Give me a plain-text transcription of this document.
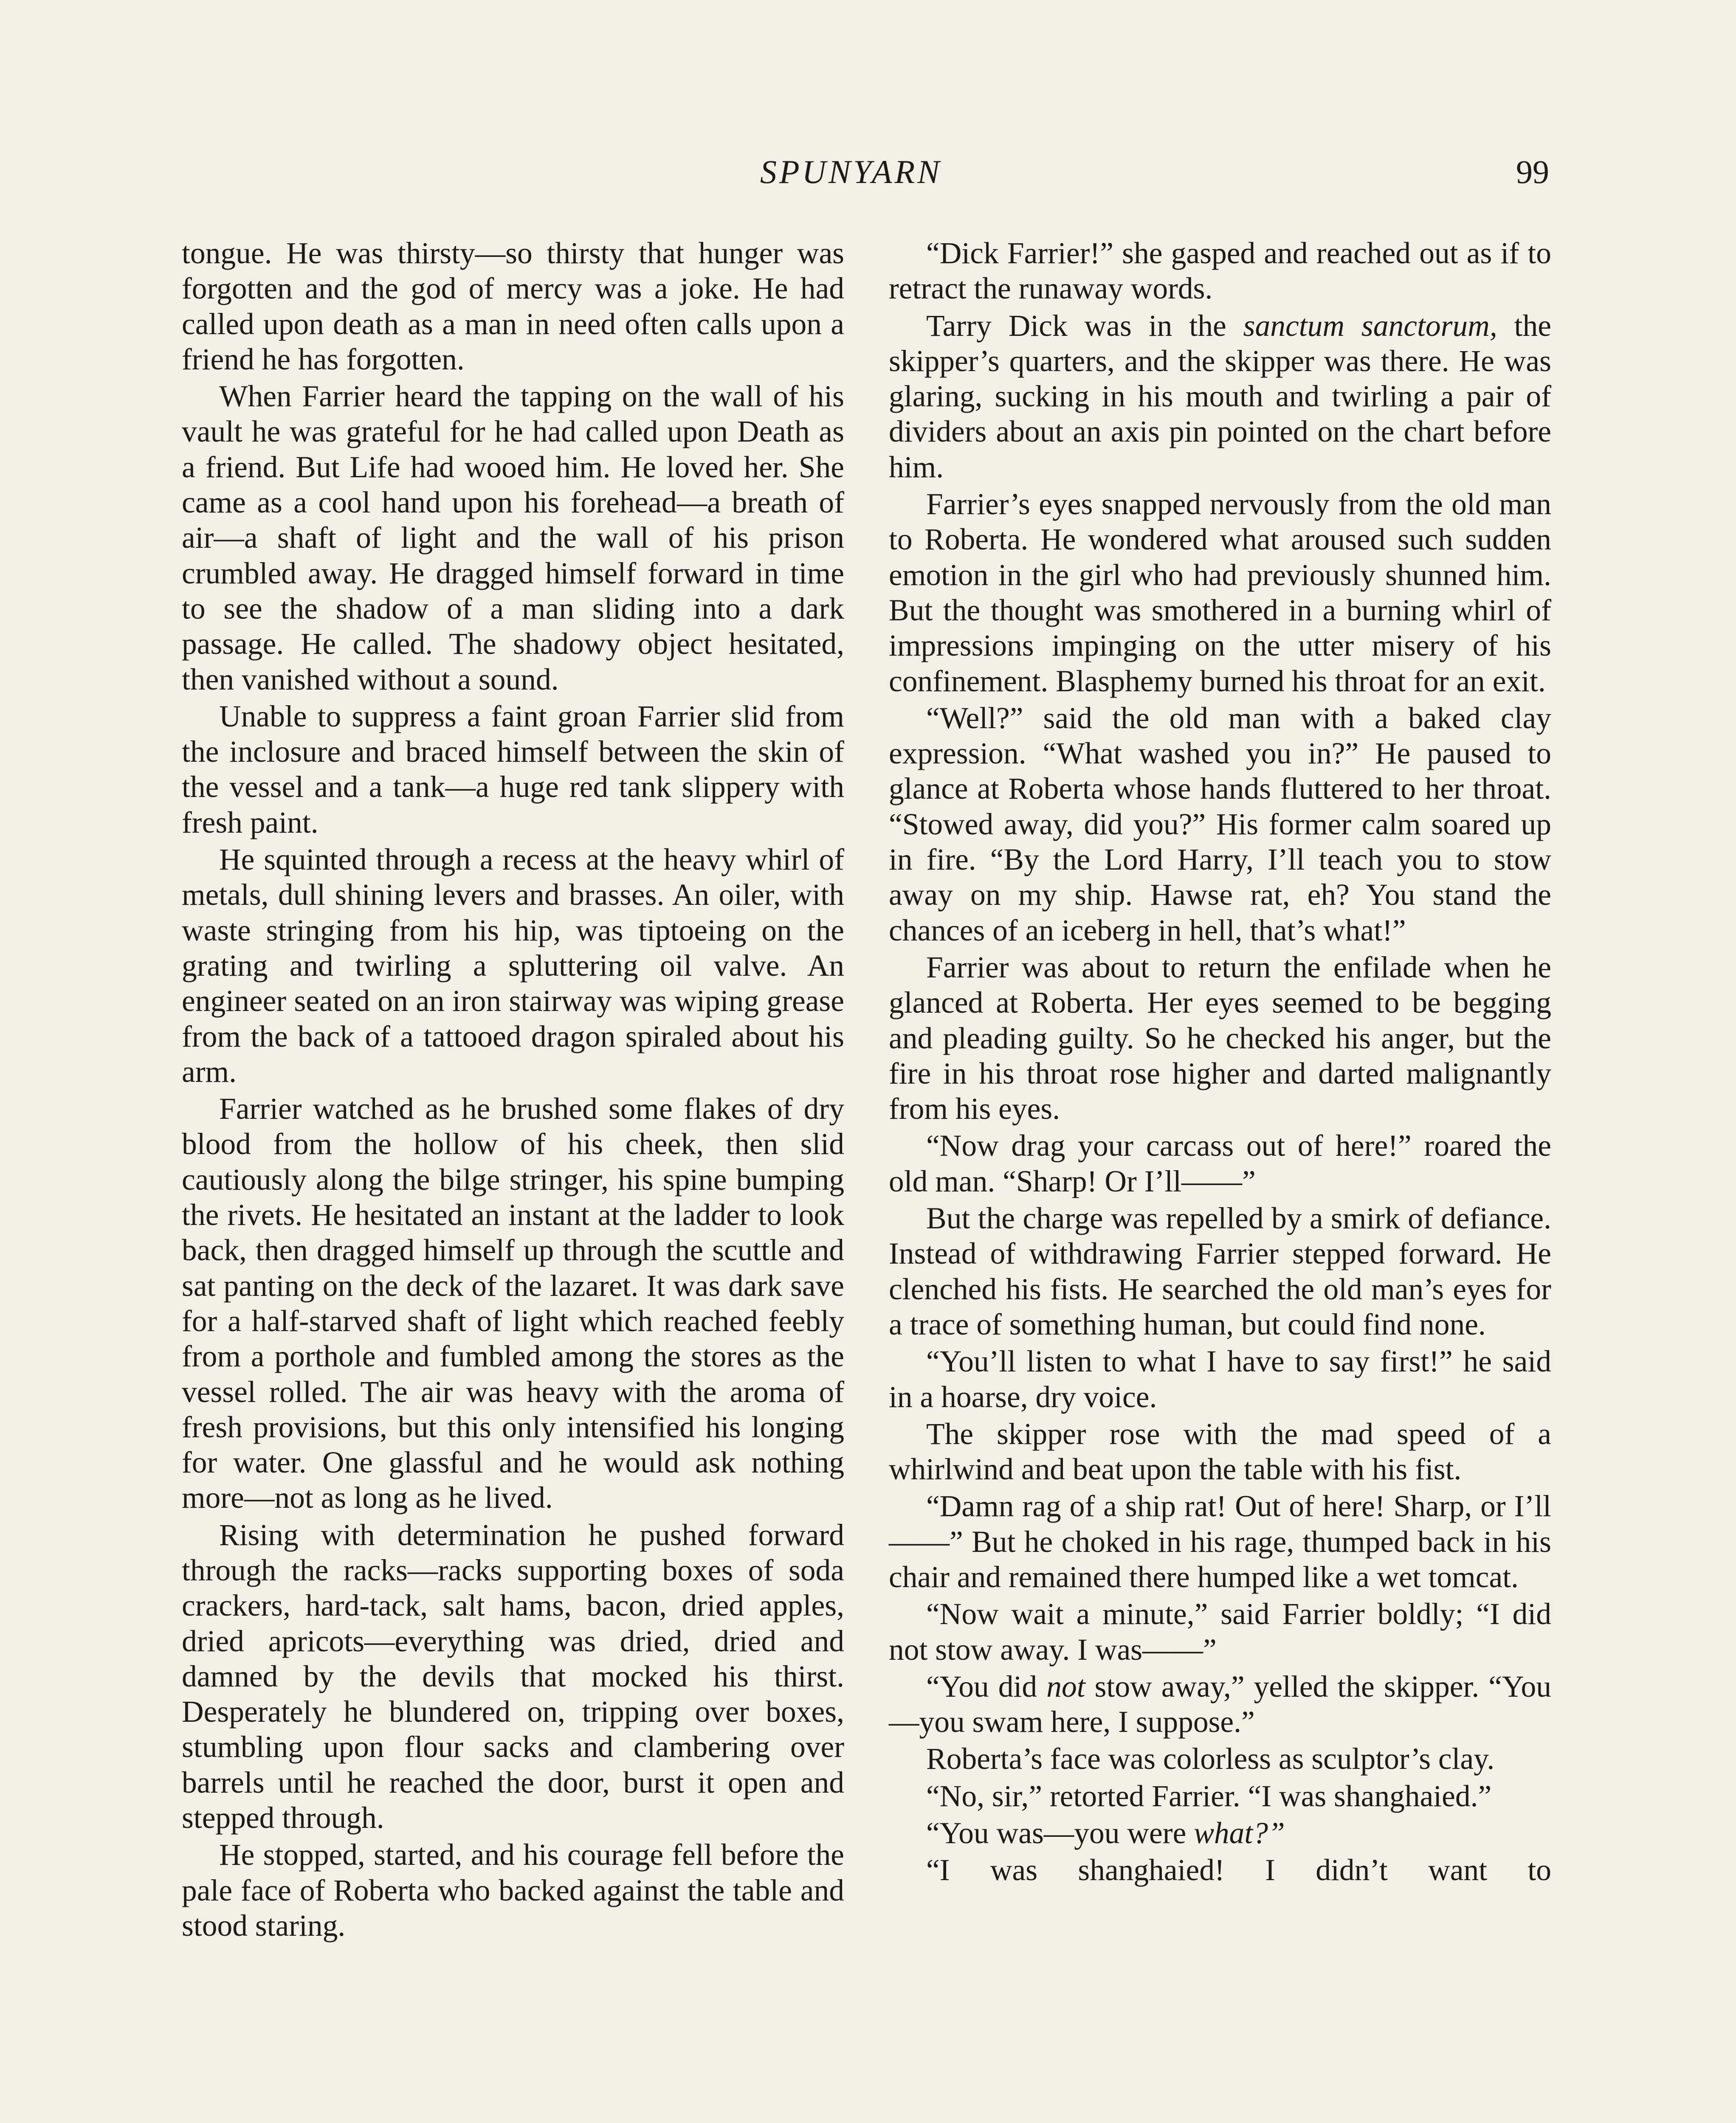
SPUNYARN	99

tongue. He was thirsty—so thirsty that hunger was forgotten and the god of mercy was a joke. He had called upon death as a man in need often calls upon a friend he has forgotten.

When Farrier heard the tapping on the wall of his vault he was grateful for he had called upon Death as a friend. But Life had wooed him. He loved her. She came as a cool hand upon his forehead—a breath of air—a shaft of light and the wall of his prison crumbled away. He dragged himself forward in time to see the shadow of a man sliding into a dark passage. He called. The shadowy object hesitated, then vanished without a sound.

Unable to suppress a faint groan Farrier slid from the inclosure and braced himself between the skin of the vessel and a tank—a huge red tank slippery with fresh paint.

He squinted through a recess at the heavy whirl of metals, dull shining levers and brasses. An oiler, with waste stringing from his hip, was tiptoeing on the grating and twirling a spluttering oil valve. An engineer seated on an iron stairway was wiping grease from the back of a tattooed dragon spiraled about his arm.

Farrier watched as he brushed some flakes of dry blood from the hollow of his cheek, then slid cautiously along the bilge stringer, his spine bumping the rivets. He hesitated an instant at the ladder to look back, then dragged himself up through the scuttle and sat panting on the deck of the lazaret. It was dark save for a half-starved shaft of light which reached feebly from a porthole and fumbled among the stores as the vessel rolled. The air was heavy with the aroma of fresh provisions, but this only intensified his longing for water. One glassful and he would ask nothing more—not as long as he lived.

Rising with determination he pushed forward through the racks—racks supporting boxes of soda crackers, hard-tack, salt hams, bacon, dried apples, dried apricots—everything was dried, dried and damned by the devils that mocked his thirst. Desperately he blundered on, tripping over boxes, stumbling upon flour sacks and clambering over barrels until he reached the door, burst it open and stepped through.

He stopped, started, and his courage fell before the pale face of Roberta who backed against the table and stood staring.

“Dick Farrier!” she gasped and reached out as if to retract the runaway words.

Tarry Dick was in the sanctum sanctorum, the skipper’s quarters, and the skipper was there. He was glaring, sucking in his mouth and twirling a pair of dividers about an axis pin pointed on the chart before him.

Farrier’s eyes snapped nervously from the old man to Roberta. He wondered what aroused such sudden emotion in the girl who had previously shunned him. But the thought was smothered in a burning whirl of impressions impinging on the utter misery of his confinement. Blasphemy burned his throat for an exit.

“Well?” said the old man with a baked clay expression. “What washed you in?” He paused to glance at Roberta whose hands fluttered to her throat. “Stowed away, did you?” His former calm soared up in fire. “By the Lord Harry, I’ll teach you to stow away on my ship. Hawse rat, eh? You stand the chances of an iceberg in hell, that’s what!”

Farrier was about to return the enfilade when he glanced at Roberta. Her eyes seemed to be begging and pleading guilty. So he checked his anger, but the fire in his throat rose higher and darted malignantly from his eyes.

“Now drag your carcass out of here!” roared the old man. “Sharp! Or I’ll——”

But the charge was repelled by a smirk of defiance. Instead of withdrawing Farrier stepped forward. He clenched his fists. He searched the old man’s eyes for a trace of something human, but could find none.

“You’ll listen to what I have to say first!” he said in a hoarse, dry voice.

The skipper rose with the mad speed of a whirlwind and beat upon the table with his fist.

“Damn rag of a ship rat! Out of here! Sharp, or I’ll——” But he choked in his rage, thumped back in his chair and remained there humped like a wet tomcat.

“Now wait a minute,” said Farrier boldly; “I did not stow away. I was——”

“You did not stow away,” yelled the skipper. “You—you swam here, I suppose.”

Roberta’s face was colorless as sculptor’s clay.

“No, sir,” retorted Farrier. “I was shanghaied.”

“You was—you were what?”

“I was shanghaied! I didn’t want to
